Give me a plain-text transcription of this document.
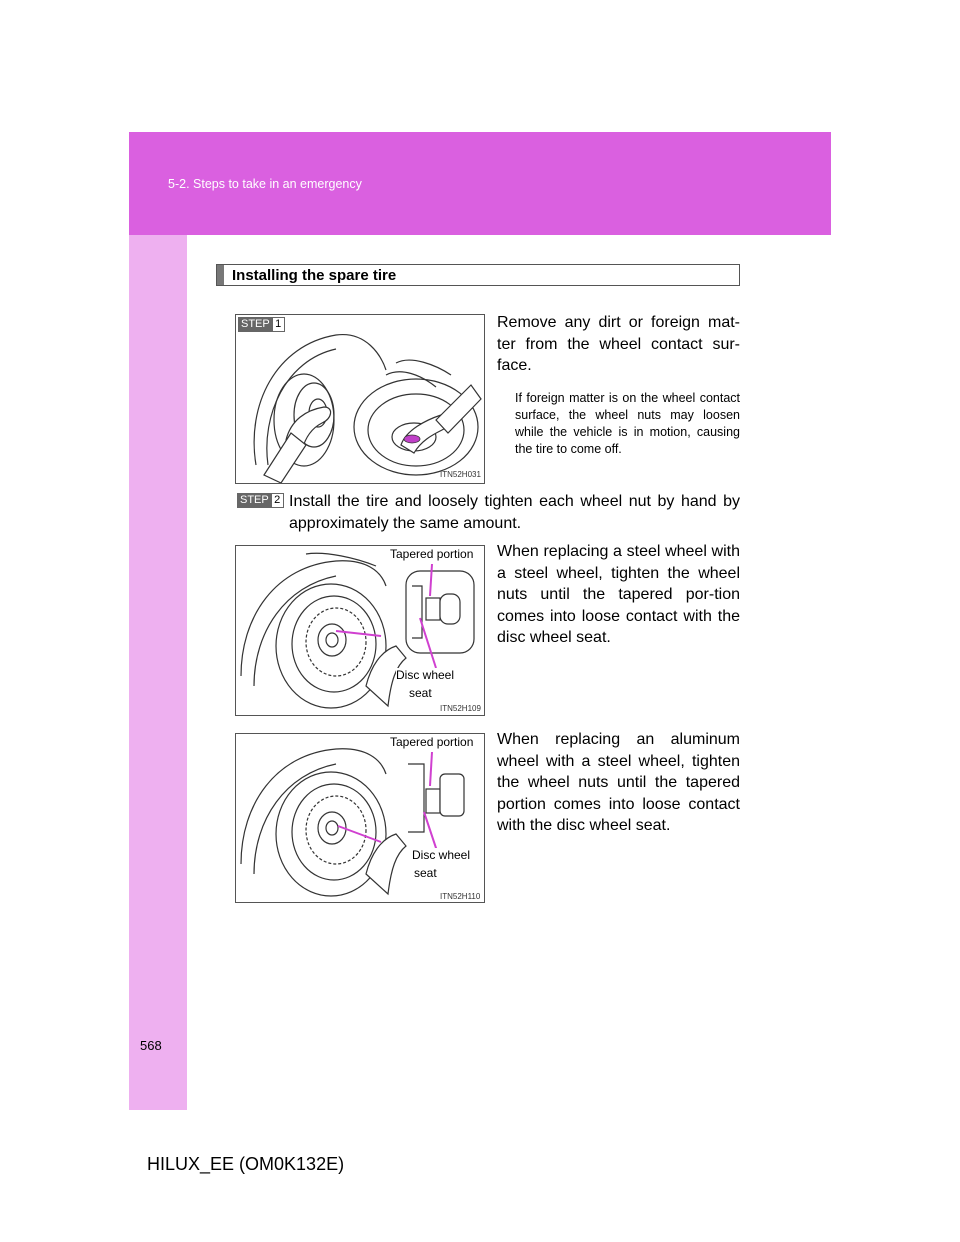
5-2. Steps to take in an emergency
Installing the spare tire
STEP 1
ITN52H031
Remove any dirt or foreign mat-ter from the wheel contact sur-face.
If foreign matter is on the wheel contact surface, the wheel nuts may loosen while the vehicle is in motion, causing the tire to come off.
STEP 2 Install the tire and loosely tighten each wheel nut by hand by approximately the same amount.
Tapered portion
Disc wheel
seat
ITN52H109
When replacing a steel wheel with a steel wheel, tighten the wheel nuts until the tapered por-tion comes into loose contact with the disc wheel seat.
Tapered portion
Disc wheel
seat
ITN52H110
When replacing an aluminum wheel with a steel wheel, tighten the wheel nuts until the tapered portion comes into loose contact with the disc wheel seat.
568
HILUX_EE (OM0K132E)
